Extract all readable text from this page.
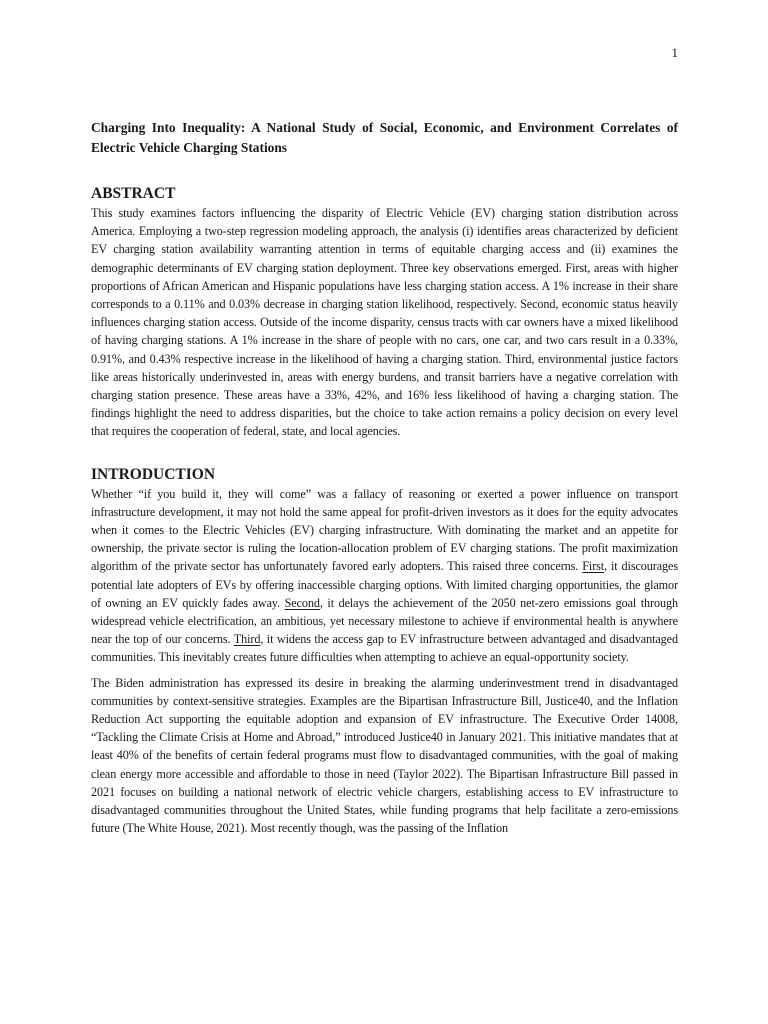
1
Charging Into Inequality: A National Study of Social, Economic, and Environment Correlates of Electric Vehicle Charging Stations
ABSTRACT

This study examines factors influencing the disparity of Electric Vehicle (EV) charging station distribution across America. Employing a two-step regression modeling approach, the analysis (i) identifies areas characterized by deficient EV charging station availability warranting attention in terms of equitable charging access and (ii) examines the demographic determinants of EV charging station deployment. Three key observations emerged. First, areas with higher proportions of African American and Hispanic populations have less charging station access. A 1% increase in their share corresponds to a 0.11% and 0.03% decrease in charging station likelihood, respectively. Second, economic status heavily influences charging station access. Outside of the income disparity, census tracts with car owners have a mixed likelihood of having charging stations. A 1% increase in the share of people with no cars, one car, and two cars result in a 0.33%, 0.91%, and 0.43% respective increase in the likelihood of having a charging station. Third, environmental justice factors like areas historically underinvested in, areas with energy burdens, and transit barriers have a negative correlation with charging station presence. These areas have a 33%, 42%, and 16% less likelihood of having a charging station. The findings highlight the need to address disparities, but the choice to take action remains a policy decision on every level that requires the cooperation of federal, state, and local agencies.

INTRODUCTION

Whether “if you build it, they will come” was a fallacy of reasoning or exerted a power influence on transport infrastructure development, it may not hold the same appeal for profit-driven investors as it does for the equity advocates when it comes to the Electric Vehicles (EV) charging infrastructure. With dominating the market and an appetite for ownership, the private sector is ruling the location-allocation problem of EV charging stations. The profit maximization algorithm of the private sector has unfortunately favored early adopters. This raised three concerns. First, it discourages potential late adopters of EVs by offering inaccessible charging options. With limited charging opportunities, the glamor of owning an EV quickly fades away. Second, it delays the achievement of the 2050 net-zero emissions goal through widespread vehicle electrification, an ambitious, yet necessary milestone to achieve if environmental health is anywhere near the top of our concerns. Third, it widens the access gap to EV infrastructure between advantaged and disadvantaged communities. This inevitably creates future difficulties when attempting to achieve an equal-opportunity society.

The Biden administration has expressed its desire in breaking the alarming underinvestment trend in disadvantaged communities by context-sensitive strategies. Examples are the Bipartisan Infrastructure Bill, Justice40, and the Inflation Reduction Act supporting the equitable adoption and expansion of EV infrastructure. The Executive Order 14008, “Tackling the Climate Crisis at Home and Abroad,” introduced Justice40 in January 2021. This initiative mandates that at least 40% of the benefits of certain federal programs must flow to disadvantaged communities, with the goal of making clean energy more accessible and affordable to those in need (Taylor 2022). The Bipartisan Infrastructure Bill passed in 2021 focuses on building a national network of electric vehicle chargers, establishing access to EV infrastructure to disadvantaged communities throughout the United States, while funding programs that help facilitate a zero-emissions future (The White House, 2021). Most recently though, was the passing of the Inflation
